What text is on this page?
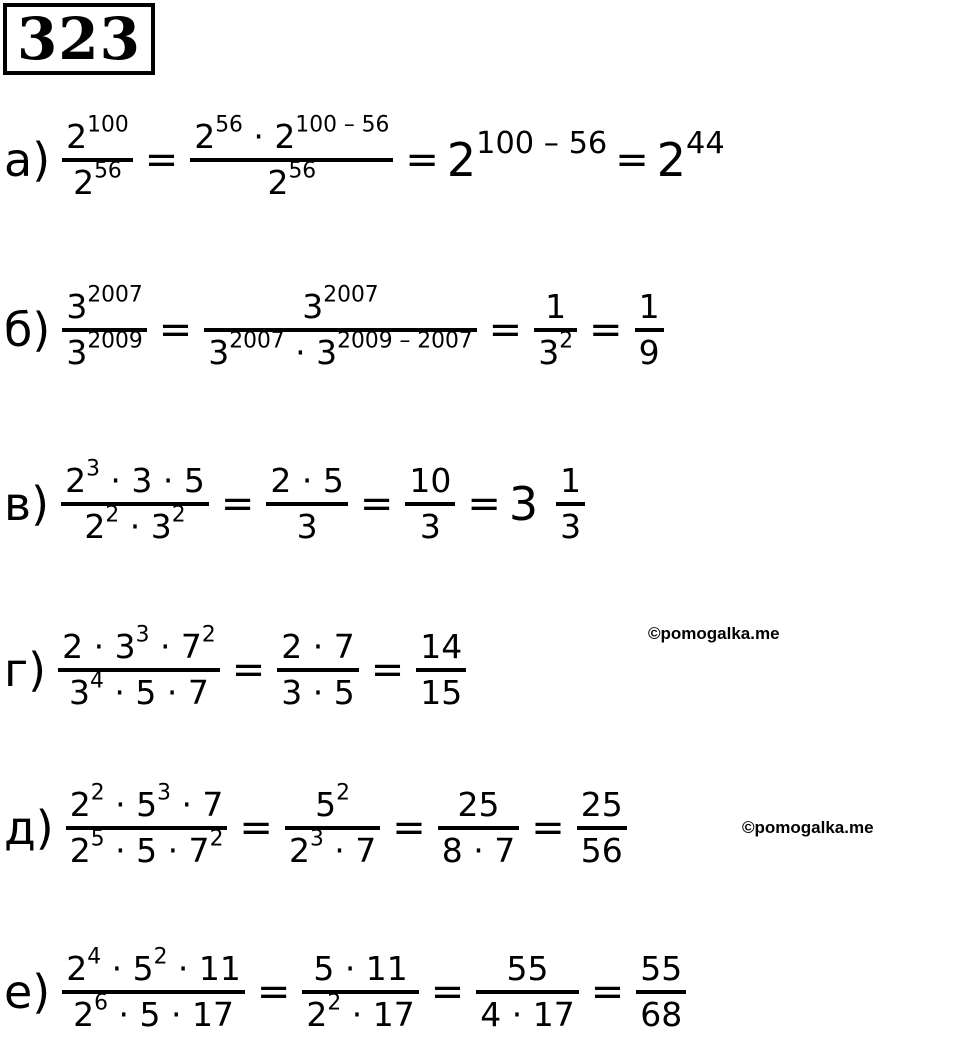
323
$а) \frac{2^{100}}{2^{56}} = \frac{2^{56} \cdot 2^{100 - 56}}{2^{56}} = 2^{100 - 56} = 2^{44}$
$б) \frac{3^{2007}}{3^{2009}} = \frac{3^{2007}}{3^{2007} \cdot 3^{2009 - 2007}} = \frac{1}{3^2} = \frac{1}{9}$
$в) \frac{2^3 \cdot 3 \cdot 5}{2^2 \cdot 3^2} = \frac{2 \cdot 5}{3} = \frac{10}{3} = 3 \frac{1}{3}$
$г) \frac{2 \cdot 3^3 \cdot 7^2}{3^4 \cdot 5 \cdot 7} = \frac{2 \cdot 7}{3 \cdot 5} = \frac{14}{15}$	©pomogalka.me
$д) \frac{2^2 \cdot 5^3 \cdot 7}{2^5 \cdot 5 \cdot 7^2} = \frac{5^2}{2^3 \cdot 7} = \frac{25}{8 \cdot 7} = \frac{25}{56}$	©pomogalka.me
$е) \frac{2^4 \cdot 5^2 \cdot 11}{2^6 \cdot 5 \cdot 17} = \frac{5 \cdot 11}{2^2 \cdot 17} = \frac{55}{4 \cdot 17} = \frac{55}{68}$
